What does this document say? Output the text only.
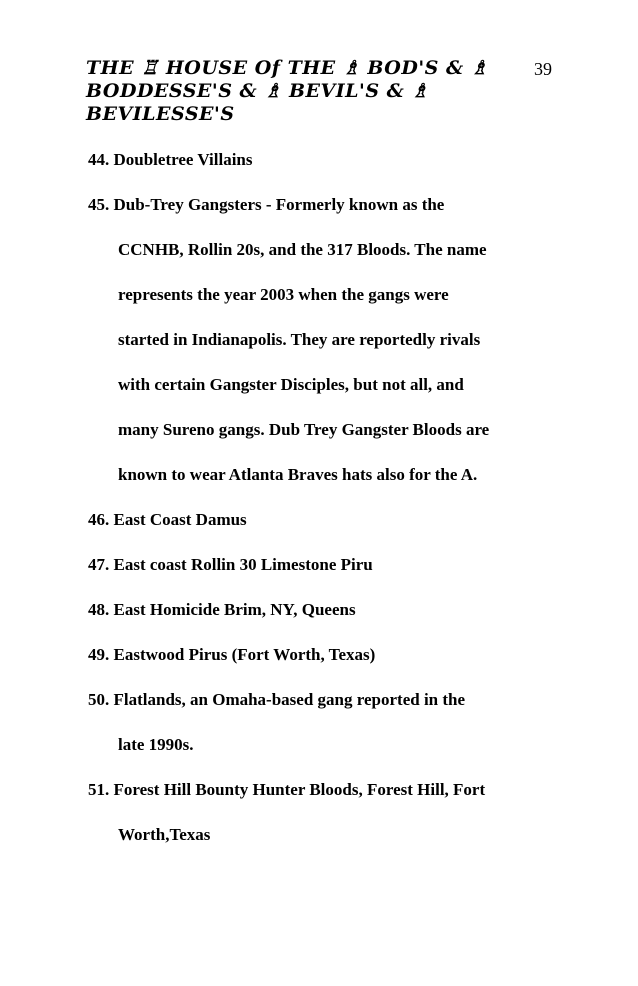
THE ♖ HOUSE Of THE ♗ BOD'S & ♗
BODDESSE'S & ♗ BEVIL'S & ♗
BEVILESSE'S
39
44. Doubletree Villains
45. Dub-Trey Gangsters - Formerly known as the
CCNHB, Rollin 20s, and the 317 Bloods. The name
represents the year 2003 when the gangs were
started in Indianapolis. They are reportedly rivals
with certain Gangster Disciples, but not all, and
many Sureno gangs. Dub Trey Gangster Bloods are
known to wear Atlanta Braves hats also for the A.
46. East Coast Damus
47. East coast Rollin 30 Limestone Piru
48. East Homicide Brim, NY, Queens
49. Eastwood Pirus (Fort Worth, Texas)
50. Flatlands, an Omaha-based gang reported in the
late 1990s.
51. Forest Hill Bounty Hunter Bloods, Forest Hill, Fort
Worth,Texas
